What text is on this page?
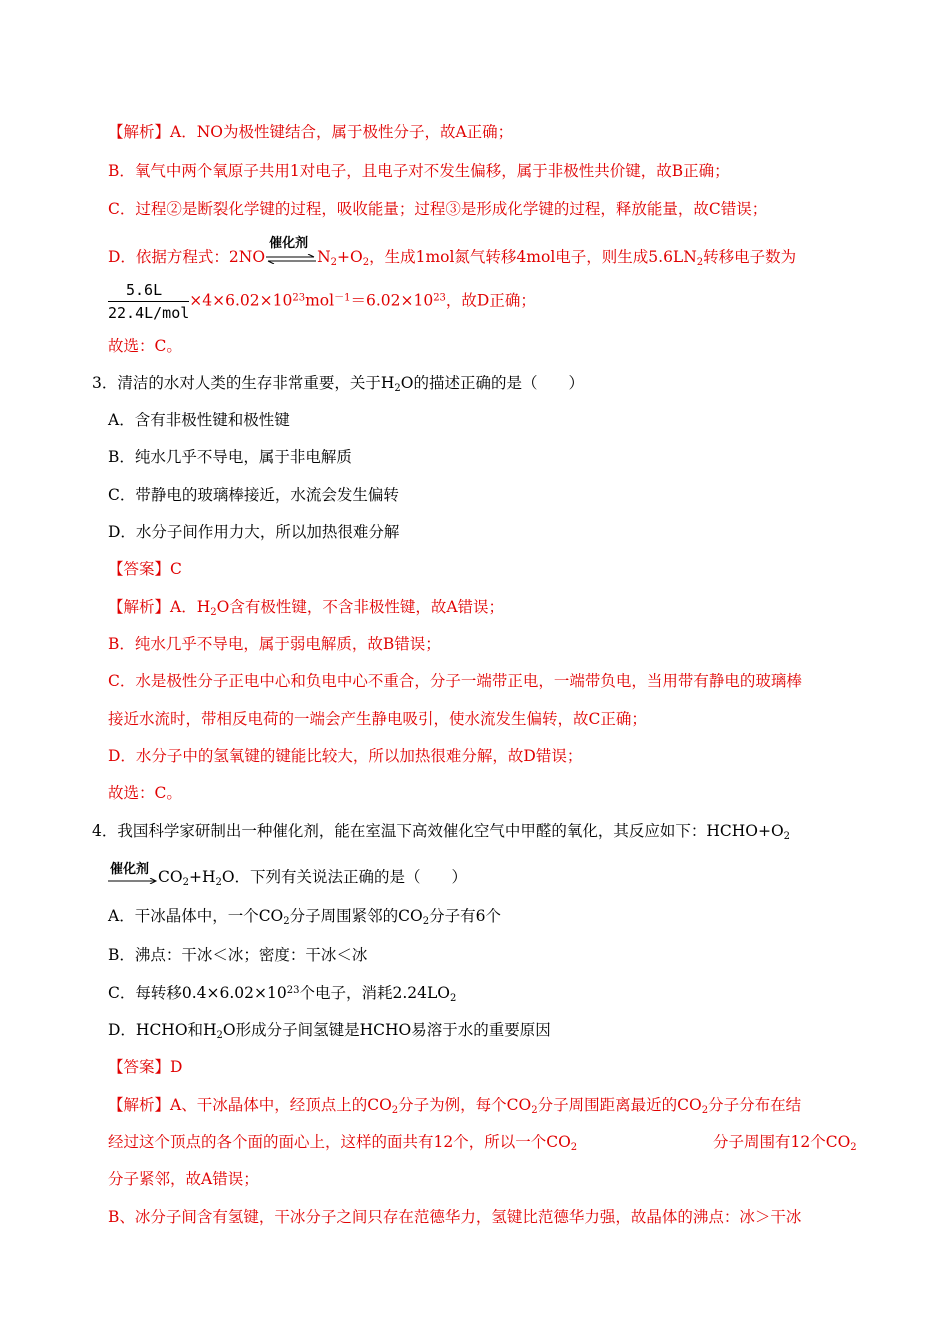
【解析】A．NO为极性键结合，属于极性分子，故A正确；
B．氧气中两个氧原子共用1对电子，且电子对不发生偏移，属于非极性共价键，故B正确；
C．过程②是断裂化学键的过程，吸收能量；过程③是形成化学键的过程，释放能量，故C错误；
D．依据方程式：2NO
催化剂
$N_2+O_2$，生成1mol氮气转移4mol电子，则生成$5.6LN_2$转移电子数为
$\frac{5.6L}{\text{22.4L/mol}} \times 4\times 6.02\times 10^{23}mol^{-1}=6.02\times 10^{23}$，故D正确；
故选：C。
3．清洁的水对人类的生存非常重要，关于$H_2O$的描述正确的是（　　）
A．含有非极性键和极性键
B．纯水几乎不导电，属于非电解质
C．带静电的玻璃棒接近，水流会发生偏转
D．水分子间作用力大，所以加热很难分解
【答案】C
【解析】A．$H_2O$含有极性键，不含非极性键，故A错误；
B．纯水几乎不导电，属于弱电解质，故B错误；
C．水是极性分子正电中心和负电中心不重合，分子一端带正电，一端带负电，当用带有静电的玻璃棒
接近水流时，带相反电荷的一端会产生静电吸引，使水流发生偏转，故C正确；
D．水分子中的氢氧键的键能比较大，所以加热很难分解，故D错误；
故选：C。
4．我国科学家研制出一种催化剂，能在室温下高效催化空气中甲醛的氧化，其反应如下：$HCHO+O_2$
催化剂 $CO_2+H_2O$．下列有关说法正确的是（　　）
A．干冰晶体中，一个$CO_2$分子周围紧邻的$CO_2$分子有6个
B．沸点：干冰＜冰；密度：干冰＜冰
C．每转移$0.4\times 6.02\times 10^{23}$个电子，消耗$2.24LO_2$
D．HCHO和$H_2O$形成分子间氢键是HCHO易溶于水的重要原因
【答案】D
【解析】A、干冰晶体中，经顶点上的$CO_2$分子为例，每个$CO_2$分子周围距离最近的$CO_2$分子分布在结
经过这个顶点的各个面的面心上，这样的面共有12个，所以一个$CO_2$	分子周围有12个$CO_2$
分子紧邻，故A错误；
B、冰分子间含有氢键，干冰分子之间只存在范德华力，氢键比范德华力强，故晶体的沸点：冰＞干冰
